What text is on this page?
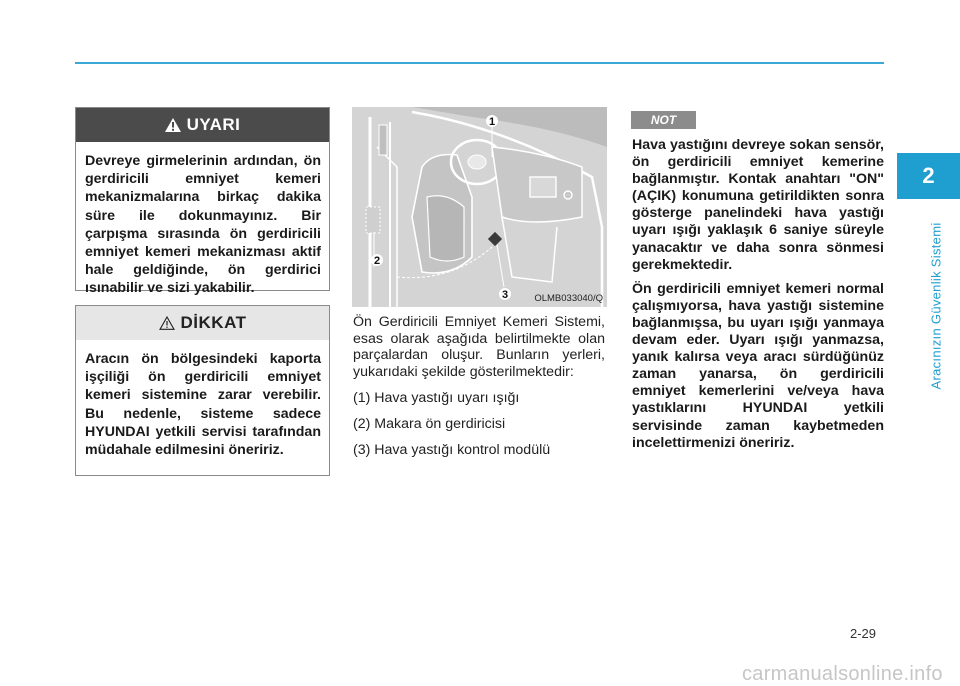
2
Aracınızın Güvenlik Sistemi
UYARI
Devreye girmelerinin ardından, ön gerdiricili emniyet kemeri mekanizmalarına birkaç dakika süre ile dokunmayınız. Bir çarpışma sırasında ön gerdiricili emniyet kemeri mekanizması aktif hale geldiğinde, ön gerdirici ısınabilir ve sizi yakabilir.
DİKKAT
Aracın ön bölgesindeki kaporta işçiliği ön gerdiricili emniyet kemeri sistemine zarar verebilir. Bu nedenle, sisteme sadece HYUNDAI yetkili servisi tarafından müdahale edilmesini öneririz.
1
2
3	OLMB033040/Q

Ön Gerdiricili Emniyet Kemeri Sistemi, esas olarak aşağıda belirtilmekte olan parçalardan oluşur. Bunların yerleri, yukarıdaki şekilde gösterilmektedir:

(1) Hava yastığı uyarı ışığı
(2) Makara ön gerdiricisi
(3) Hava yastığı kontrol modülü
NOT

Hava yastığını devreye sokan sensör, ön gerdiricili emniyet kemerine bağlanmıştır. Kontak anahtarı "ON" (AÇIK) konumuna getirildikten sonra gösterge panelindeki hava yastığı uyarı ışığı yaklaşık 6 saniye süreyle yanacaktır ve daha sonra sönmesi gerekmektedir.

Ön gerdiricili emniyet kemeri normal çalışmıyorsa, hava yastığı sistemine bağlanmışsa, bu uyarı ışığı yanmaya devam eder. Uyarı ışığı yanmazsa, yanık kalırsa veya aracı sürdüğünüz zaman yanarsa, ön gerdiricili emniyet kemerlerini ve/veya hava yastıklarını HYUNDAI yetkili servisinde zaman kaybetmeden incelettirmenizi öneririz.

2-29
carmanualsonline.info
